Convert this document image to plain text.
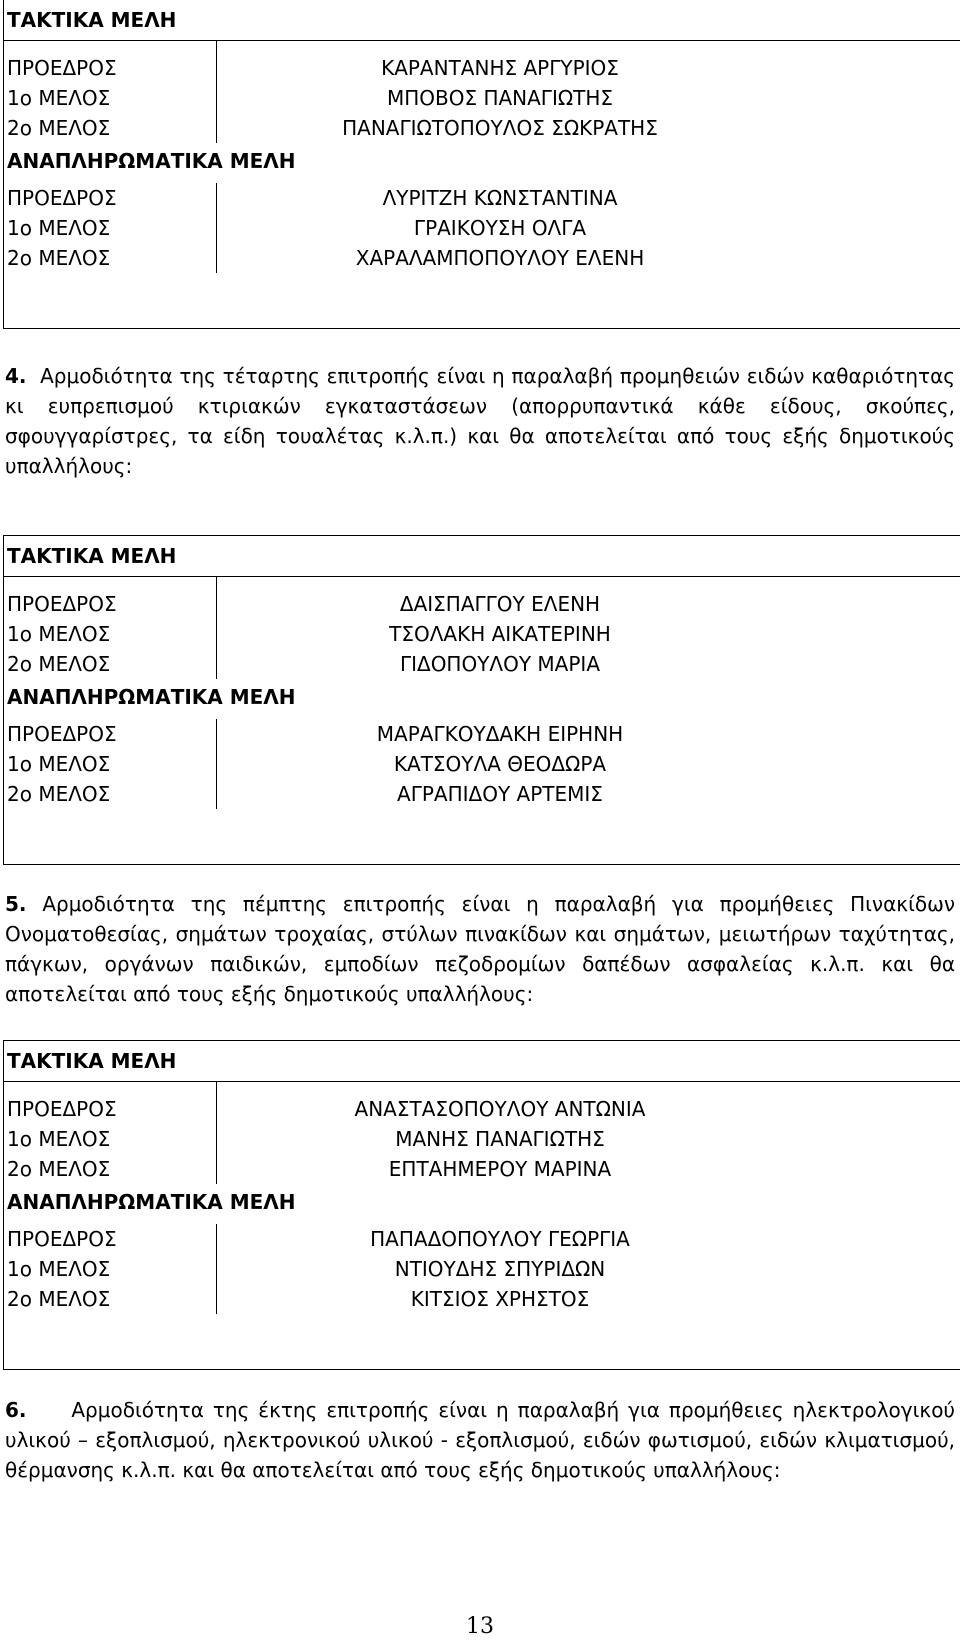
ΤΑΚΤΙΚΑ ΜΕΛΗ
ΠΡΟΕΔΡΟΣ	ΚΑΡΑΝΤΑΝΗΣ ΑΡΓΥΡΙΟΣ
1ο ΜΕΛΟΣ	ΜΠΟΒΟΣ ΠΑΝΑΓΙΩΤΗΣ
2ο ΜΕΛΟΣ	ΠΑΝΑΓΙΩΤΟΠΟΥΛΟΣ ΣΩΚΡΑΤΗΣ
ΑΝΑΠΛΗΡΩΜΑΤΙΚΑ ΜΕΛΗ
ΠΡΟΕΔΡΟΣ	ΛΥΡΙΤΖΗ ΚΩΝΣΤΑΝΤΙΝΑ
1ο ΜΕΛΟΣ	ΓΡΑΙΚΟΥΣΗ ΟΛΓΑ
2ο ΜΕΛΟΣ	ΧΑΡΑΛΑΜΠΟΠΟΥΛΟΥ ΕΛΕΝΗ

4. Αρμοδιότητα της τέταρτης επιτροπής είναι η παραλαβή προμηθειών ειδών καθαριότητας κι ευπρεπισμού κτιριακών εγκαταστάσεων (απορρυπαντικά κάθε είδους, σκούπες, σφουγγαρίστρες, τα είδη τουαλέτας κ.λ.π.) και θα αποτελείται από τους εξής δημοτικούς υπαλλήλους:

ΤΑΚΤΙΚΑ ΜΕΛΗ
ΠΡΟΕΔΡΟΣ	ΔΑΙΣΠΑΓΓΟΥ ΕΛΕΝΗ
1ο ΜΕΛΟΣ	ΤΣΟΛΑΚΗ ΑΙΚΑΤΕΡΙΝΗ
2ο ΜΕΛΟΣ	ΓΙΔΟΠΟΥΛΟΥ ΜΑΡΙΑ
ΑΝΑΠΛΗΡΩΜΑΤΙΚΑ ΜΕΛΗ
ΠΡΟΕΔΡΟΣ	ΜΑΡΑΓΚΟΥΔΑΚΗ ΕΙΡΗΝΗ
1ο ΜΕΛΟΣ	ΚΑΤΣΟΥΛΑ ΘΕΟΔΩΡΑ
2ο ΜΕΛΟΣ	ΑΓΡΑΠΙΔΟΥ ΑΡΤΕΜΙΣ

5. Αρμοδιότητα της πέμπτης επιτροπής είναι η παραλαβή για προμήθειες Πινακίδων Ονοματοθεσίας, σημάτων τροχαίας, στύλων πινακίδων και σημάτων, μειωτήρων ταχύτητας, πάγκων, οργάνων παιδικών, εμποδίων πεζοδρομίων δαπέδων ασφαλείας κ.λ.π. και θα αποτελείται από τους εξής δημοτικούς υπαλλήλους:

ΤΑΚΤΙΚΑ ΜΕΛΗ
ΠΡΟΕΔΡΟΣ	ΑΝΑΣΤΑΣΟΠΟΥΛΟΥ ΑΝΤΩΝΙΑ
1ο ΜΕΛΟΣ	ΜΑΝΗΣ ΠΑΝΑΓΙΩΤΗΣ
2ο ΜΕΛΟΣ	ΕΠΤΑΗΜΕΡΟΥ ΜΑΡΙΝΑ
ΑΝΑΠΛΗΡΩΜΑΤΙΚΑ ΜΕΛΗ
ΠΡΟΕΔΡΟΣ	ΠΑΠΑΔΟΠΟΥΛΟΥ ΓΕΩΡΓΙΑ
1ο ΜΕΛΟΣ	ΝΤΙΟΥΔΗΣ ΣΠΥΡΙΔΩΝ
2ο ΜΕΛΟΣ	ΚΙΤΣΙΟΣ ΧΡΗΣΤΟΣ

6. Αρμοδιότητα της έκτης επιτροπής είναι η παραλαβή για προμήθειες ηλεκτρολογικού υλικού – εξοπλισμού, ηλεκτρονικού υλικού - εξοπλισμού, ειδών φωτισμού, ειδών κλιματισμού, θέρμανσης κ.λ.π. και θα αποτελείται από τους εξής δημοτικούς υπαλλήλους:

13
